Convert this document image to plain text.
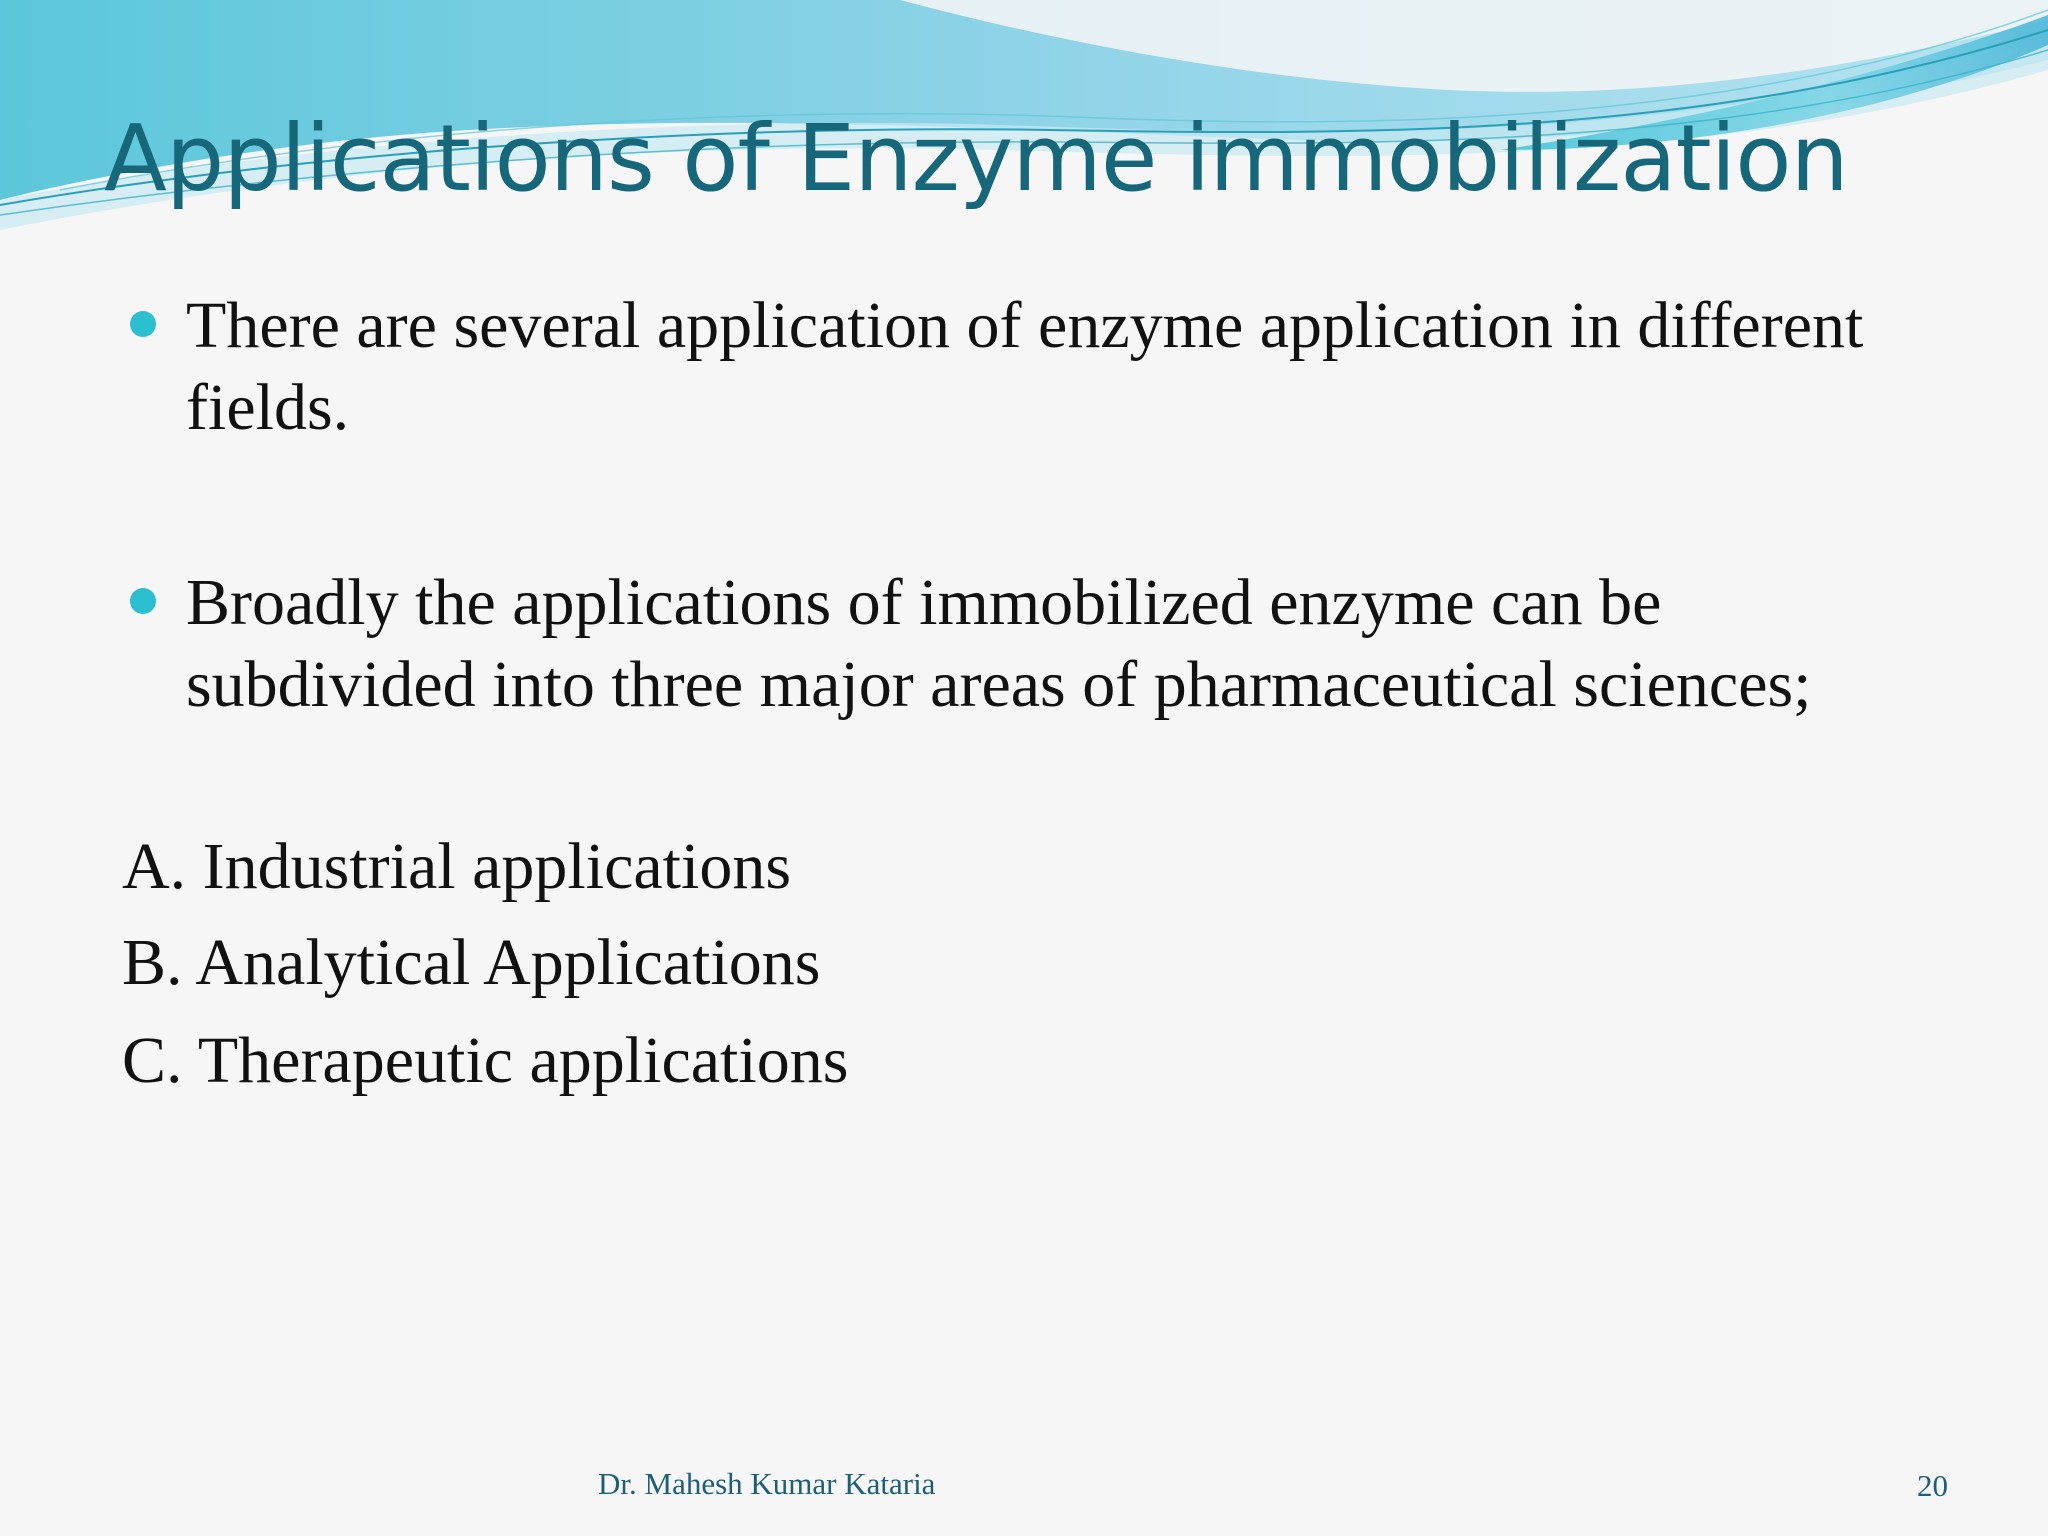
Applications of Enzyme immobilization
There are several application of enzyme application in different fields.
Broadly the applications of immobilized enzyme can be subdivided into three major areas of pharmaceutical sciences;
A. Industrial applications
B. Analytical Applications
C. Therapeutic applications
Dr. Mahesh Kumar Kataria	20
